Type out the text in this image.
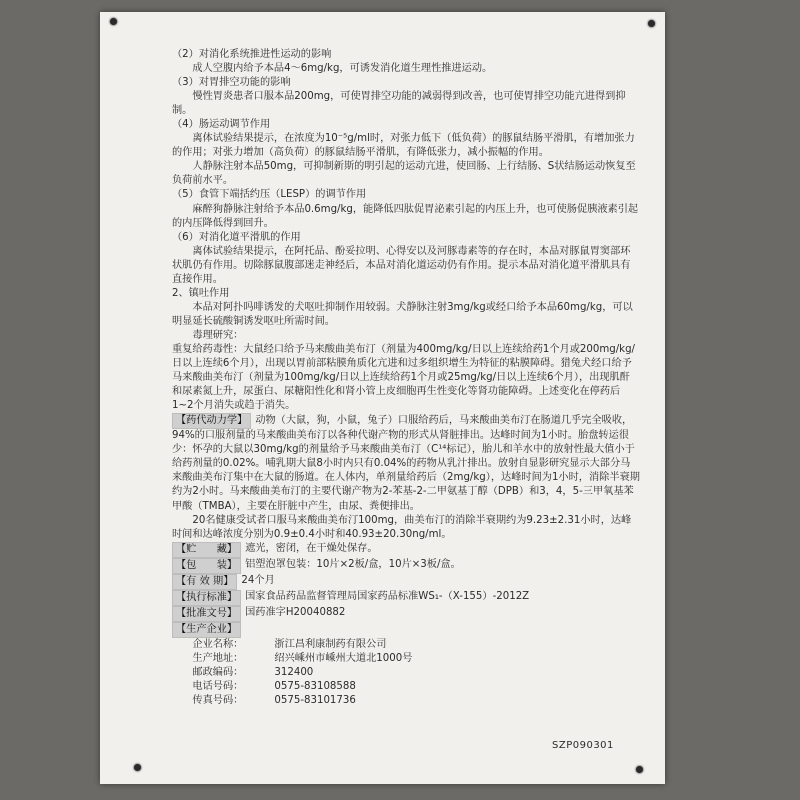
（2）对消化系统推进性运动的影响

成人空腹内给予本品4～6mg/kg，可诱发消化道生理性推进运动。

（3）对胃排空功能的影响

慢性胃炎患者口服本品200mg，可使胃排空功能的减弱得到改善，也可使胃排空功能亢进得到抑制。

（4）肠运动调节作用

离体试验结果提示，在浓度为10⁻⁵g/ml时，对张力低下（低负荷）的豚鼠结肠平滑肌，有增加张力的作用；对张力增加（高负荷）的豚鼠结肠平滑肌，有降低张力，减小振幅的作用。

人静脉注射本品50mg，可抑制新斯的明引起的运动亢进，使回肠、上行结肠、S状结肠运动恢复至负荷前水平。

（5）食管下端括约压（LESP）的调节作用

麻醉狗静脉注射给予本品0.6mg/kg，能降低四肽促胃泌素引起的内压上升，也可使肠促胰液素引起的内压降低得到回升。

（6）对消化道平滑肌的作用

离体试验结果提示，在阿托品、酚妥拉明、心得安以及河豚毒素等的存在时，本品对豚鼠胃窦部环状肌仍有作用。切除豚鼠腹部迷走神经后，本品对消化道运动仍有作用。提示本品对消化道平滑肌具有直接作用。

2、镇吐作用

本品对阿扑吗啡诱发的犬呕吐抑制作用较弱。犬静脉注射3mg/kg或经口给予本品60mg/kg，可以明显延长硫酸铜诱发呕吐所需时间。

毒理研究：

重复给药毒性：大鼠经口给予马来酸曲美布汀（剂量为400mg/kg/日以上连续给药1个月或200mg/kg/日以上连续6个月），出现以胃前部粘膜角质化亢进和过多组织增生为特征的粘膜障碍。猎兔犬经口给予马来酸曲美布汀（剂量为100mg/kg/日以上连续给药1个月或25mg/kg/日以上连续6个月），出现肌酐和尿素氮上升，尿蛋白、尿糖阳性化和肾小管上皮细胞再生性变化等肾功能障碍。上述变化在停药后1~2个月消失或趋于消失。

【药代动力学】 动物（大鼠，狗，小鼠，兔子）口服给药后，马来酸曲美布汀在肠道几乎完全吸收，94%的口服剂量的马来酸曲美布汀以各种代谢产物的形式从肾脏排出。达峰时间为1小时。胎盘转运很少：怀孕的大鼠以30mg/kg的剂量给予马来酸曲美布汀（C¹⁴标记），胎儿和羊水中的放射性最大值小于给药剂量的0.02%。哺乳期大鼠8小时内只有0.04%的药物从乳汁排出。放射自显影研究显示大部分马来酸曲美布汀集中在大鼠的肠道。在人体内，单剂量给药后（2mg/kg），达峰时间为1小时，消除半衰期约为2小时。马来酸曲美布汀的主要代谢产物为2-苯基-2-二甲氨基丁醇（DPB）和3，4，5-三甲氧基苯甲酸（TMBA），主要在肝脏中产生，由尿、粪便排出。

20名健康受试者口服马来酸曲美布汀100mg，曲美布汀的消除半衰期约为9.23±2.31小时，达峰时间和达峰浓度分别为0.9±0.4小时和40.93±20.30ng/ml。

【贮　　藏】 遮光，密闭，在干燥处保存。
【包　　装】 铝塑泡罩包装：10片×2板/盒，10片×3板/盒。
【有 效 期】 24个月
【执行标准】 国家食品药品监督管理局国家药品标准WS₁-（X-155）-2012Z
【批准文号】 国药准字H20040882
【生产企业】
企业名称：	浙江昌利康制药有限公司
生产地址：	绍兴嵊州市嵊州大道北1000号
邮政编码：	312400
电话号码：	0575-83108588
传真号码：	0575-83101736
SZP090301
